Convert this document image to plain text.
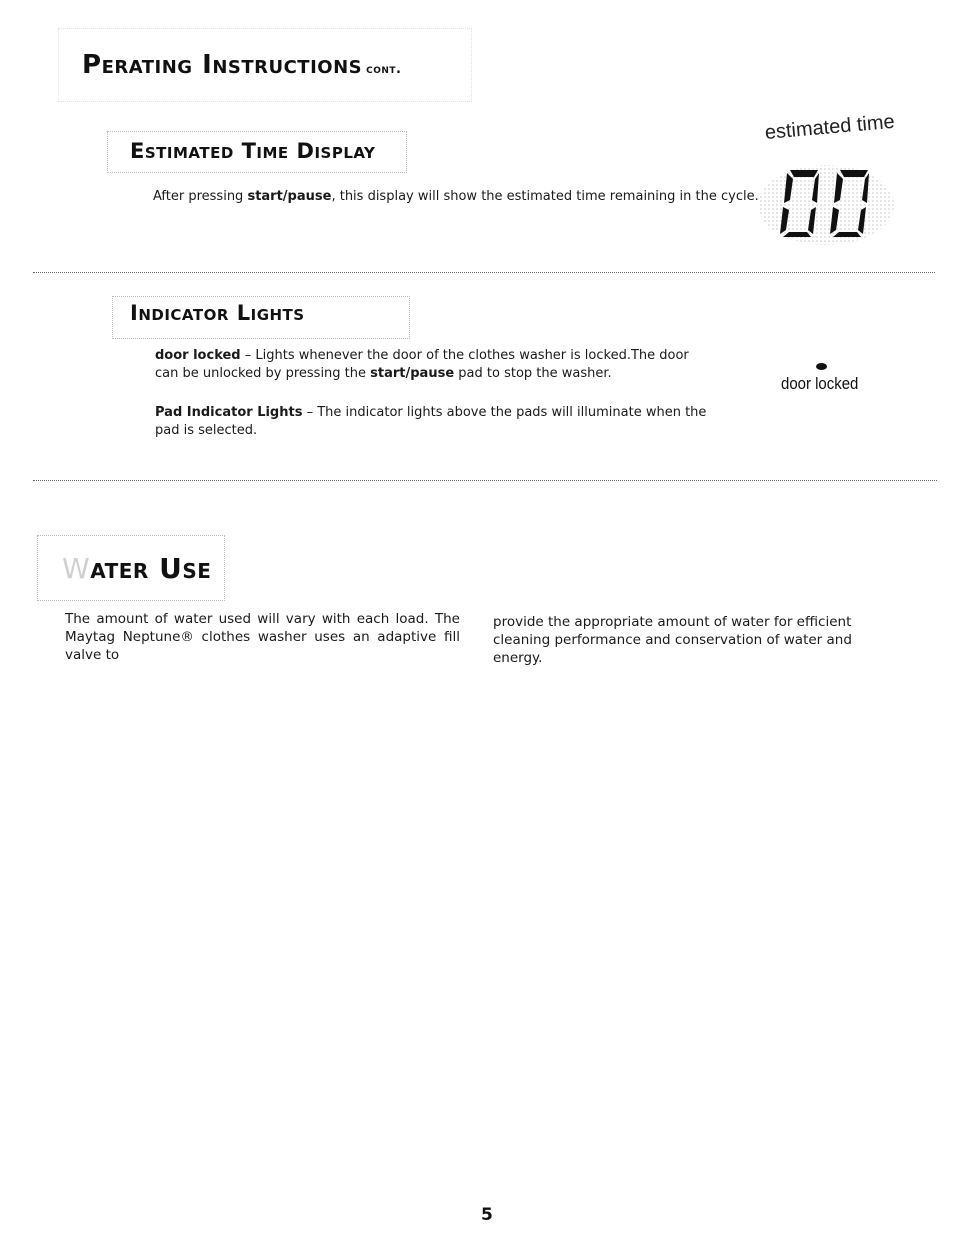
Perating Instructions cont.
Estimated Time Display
After pressing start/pause, this display will show the estimated time remaining in the cycle.
estimated time
Indicator Lights
door locked – Lights whenever the door of the clothes washer is locked.The door can be unlocked by pressing the start/pause pad to stop the washer.
Pad Indicator Lights – The indicator lights above the pads will illuminate when the pad is selected.
door locked
Water Use
The amount of water used will vary with each load. The Maytag Neptune® clothes washer uses an adaptive fill valve to
provide the appropriate amount of water for efficient cleaning performance and conservation of water and energy.
5
